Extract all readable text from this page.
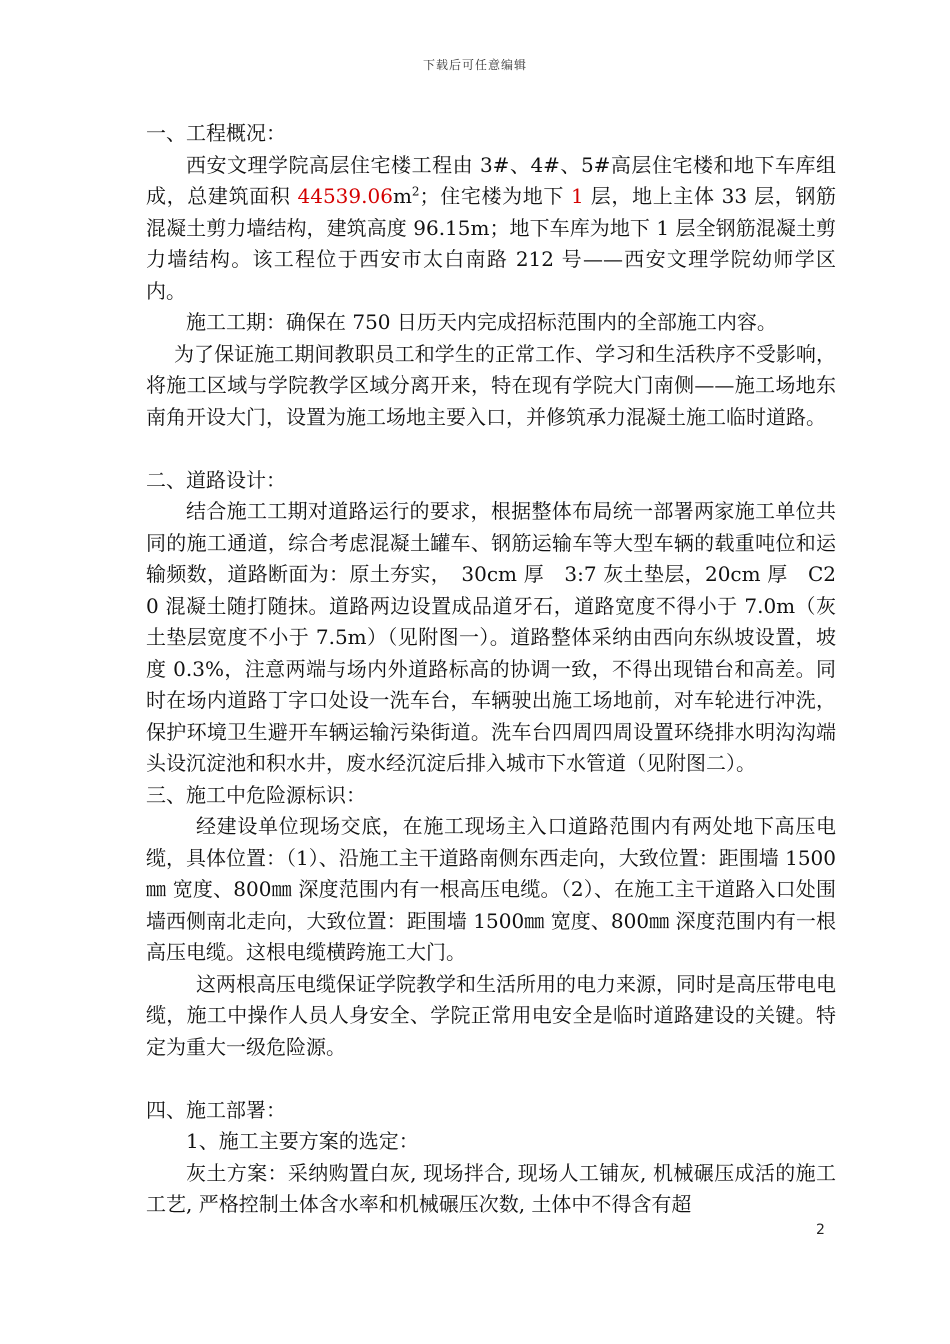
下载后可任意编辑

一、工程概况：

西安文理学院高层住宅楼工程由 3#、4#、5#高层住宅楼和地下车库组成，总建筑面积 $44539.06m^2$；住宅楼为地下 1 层，地上主体 33 层，钢筋混凝土剪力墙结构，建筑高度 96.15m；地下车库为地下 1 层全钢筋混凝土剪力墙结构。该工程位于西安市太白南路 212 号——西安文理学院幼师学区内。

施工工期：确保在 750 日历天内完成招标范围内的全部施工内容。

为了保证施工期间教职员工和学生的正常工作、学习和生活秩序不受影响，将施工区域与学院教学区域分离开来，特在现有学院大门南侧——施工场地东南角开设大门，设置为施工场地主要入口，并修筑承力混凝土施工临时道路。

二、道路设计：

结合施工工期对道路运行的要求，根据整体布局统一部署两家施工单位共同的施工通道，综合考虑混凝土罐车、钢筋运输车等大型车辆的载重吨位和运输频数，道路断面为：原土夯实，　30cm 厚　3:7 灰土垫层，20cm 厚　C20 混凝土随打随抹。道路两边设置成品道牙石，道路宽度不得小于 7.0m（灰土垫层宽度不小于 7.5m）（见附图一）。道路整体采纳由西向东纵坡设置，坡度 0.3%，注意两端与场内外道路标高的协调一致，不得出现错台和高差。同时在场内道路丁字口处设一洗车台，车辆驶出施工场地前，对车轮进行冲洗，保护环境卫生避开车辆运输污染街道。洗车台四周四周设置环绕排水明沟沟端头设沉淀池和积水井，废水经沉淀后排入城市下水管道（见附图二）。

三、施工中危险源标识：

经建设单位现场交底，在施工现场主入口道路范围内有两处地下高压电缆，具体位置：（1）、沿施工主干道路南侧东西走向，大致位置：距围墙 1500㎜ 宽度、800㎜ 深度范围内有一根高压电缆。（2）、在施工主干道路入口处围墙西侧南北走向，大致位置：距围墙 1500㎜ 宽度、800㎜ 深度范围内有一根高压电缆。这根电缆横跨施工大门。

这两根高压电缆保证学院教学和生活所用的电力来源，同时是高压带电电缆，施工中操作人员人身安全、学院正常用电安全是临时道路建设的关键。特定为重大一级危险源。

四、施工部署：

1、施工主要方案的选定：

灰土方案：采纳购置白灰, 现场拌合, 现场人工铺灰, 机械碾压成活的施工工艺, 严格控制土体含水率和机械碾压次数, 土体中不得含有超

2
